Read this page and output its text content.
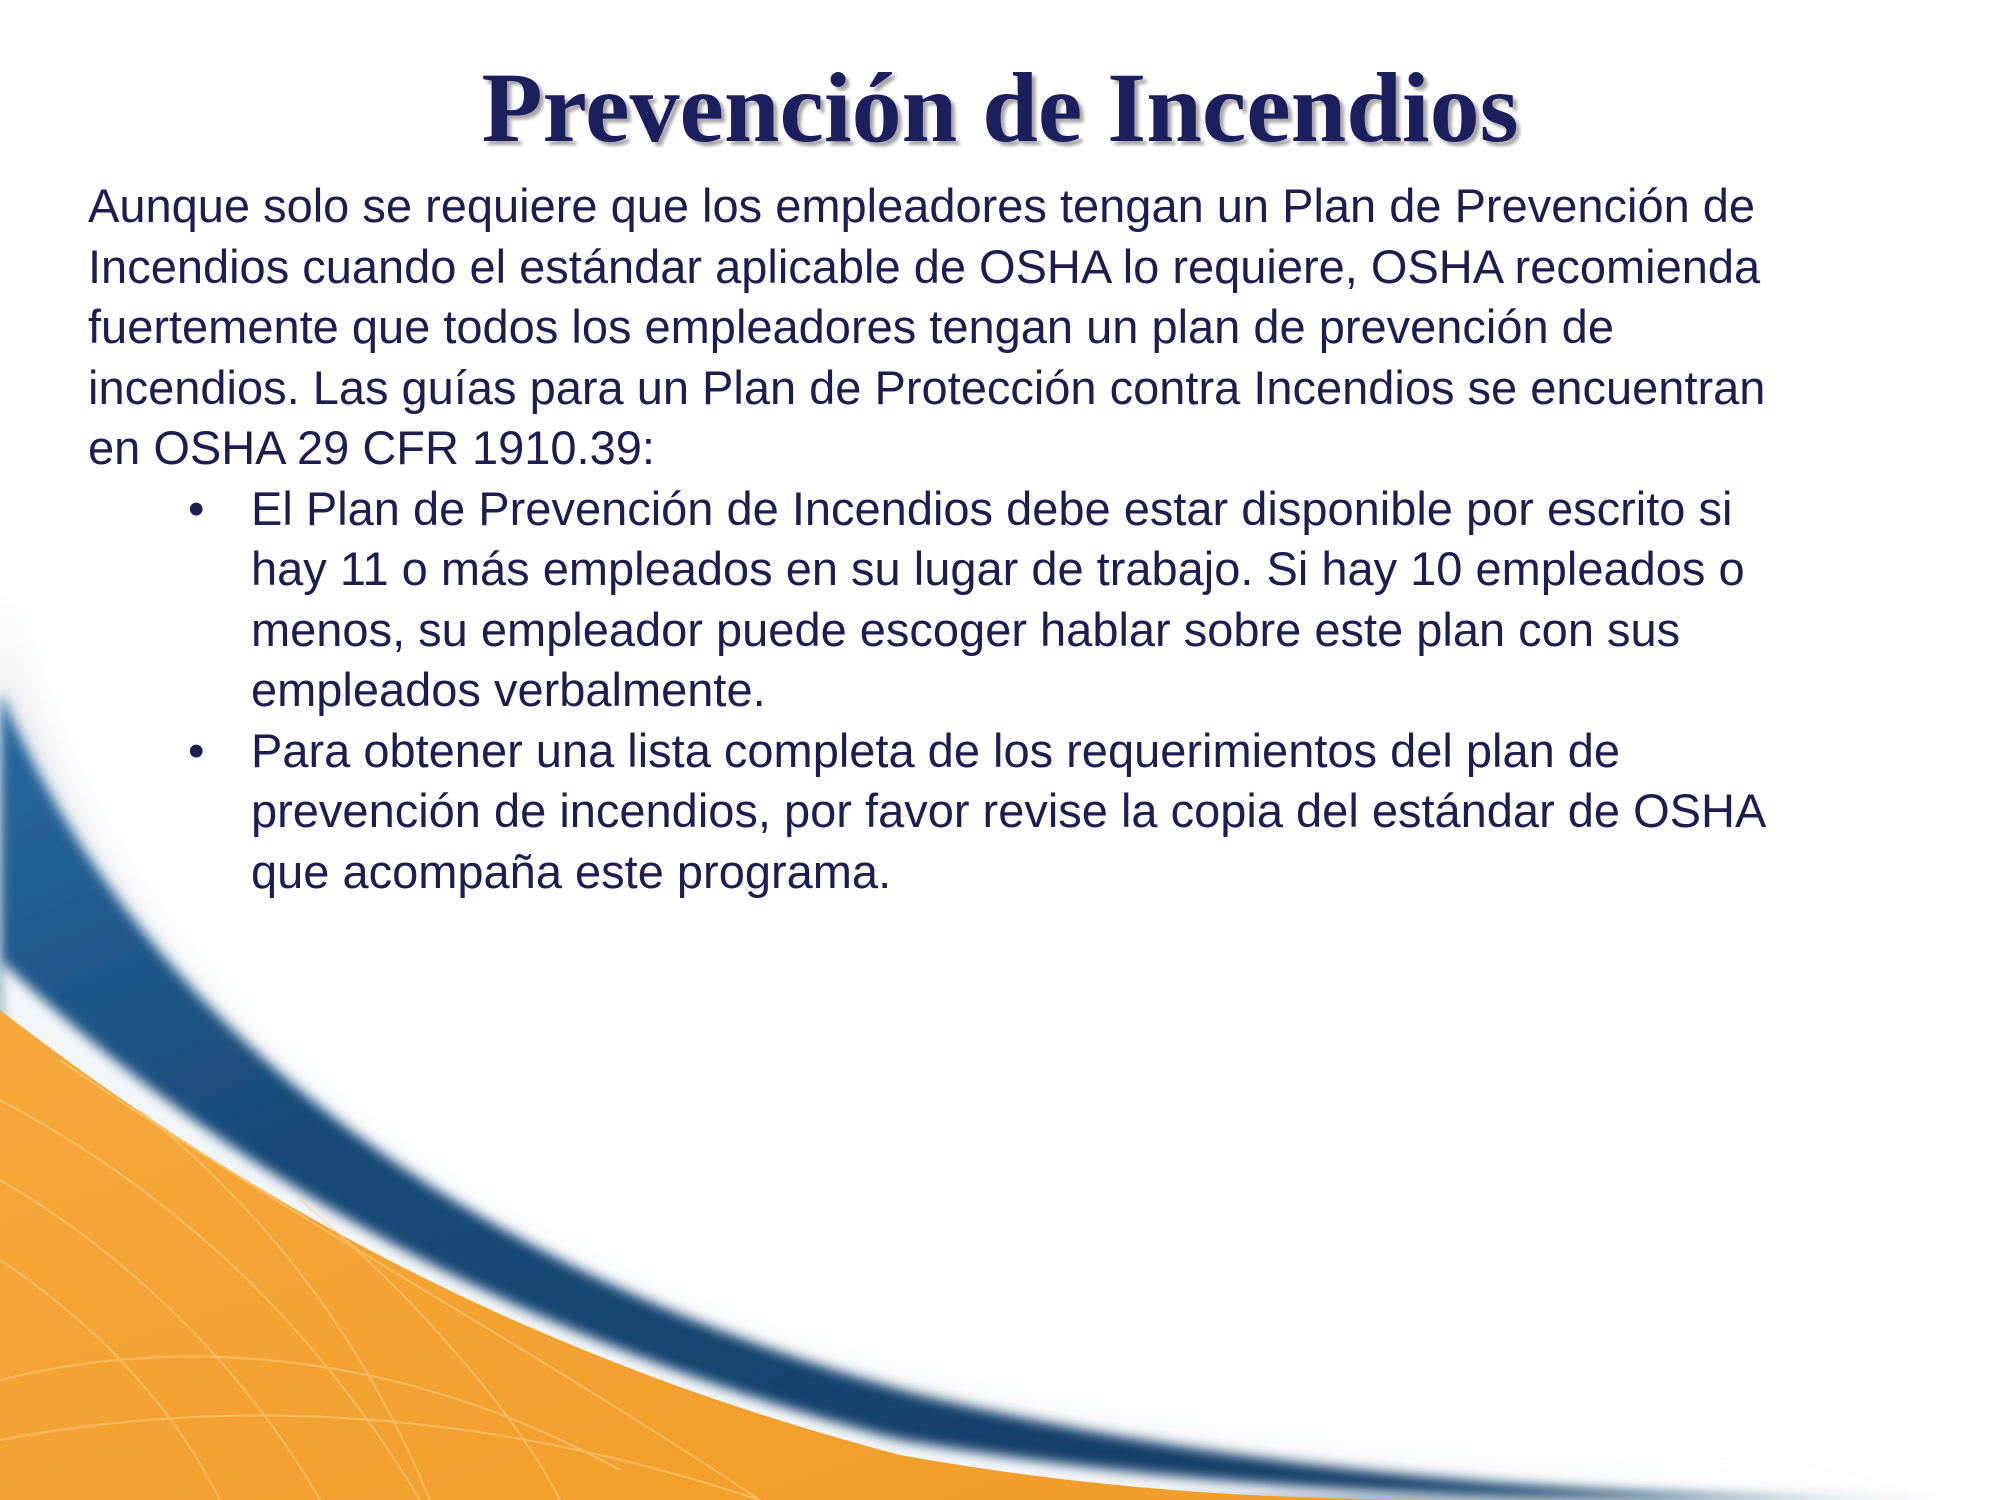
Prevención de Incendios

Aunque solo se requiere que los empleadores tengan un Plan de Prevención de
Incendios cuando el estándar aplicable de OSHA lo requiere, OSHA recomienda
fuertemente que todos los empleadores tengan un plan de prevención de
incendios. Las guías para un Plan de Protección contra Incendios se encuentran
en OSHA 29 CFR 1910.39:

• El Plan de Prevención de Incendios debe estar disponible por escrito si
hay 11 o más empleados en su lugar de trabajo. Si hay 10 empleados o
menos, su empleador puede escoger hablar sobre este plan con sus
empleados verbalmente.
• Para obtener una lista completa de los requerimientos del plan de
prevención de incendios, por favor revise la copia del estándar de OSHA
que acompaña este programa.
